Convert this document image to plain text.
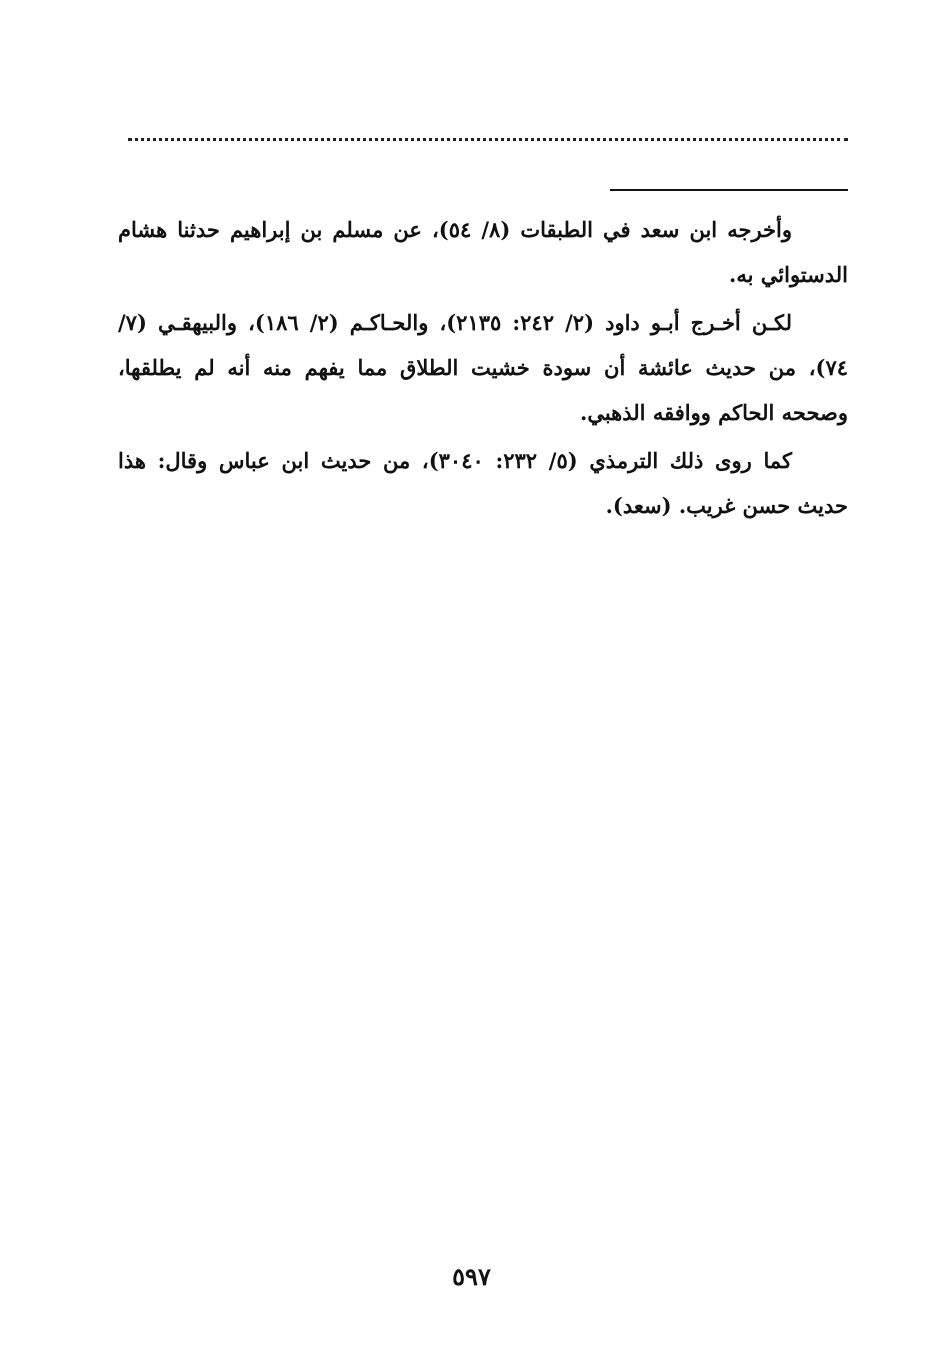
وأخرجه ابن سعد في الطبقات (٨/ ٥٤)، عن مسلم بن إبراهيم حدثنا هشام الدستوائي به.

لكـن أخـرج أبـو داود (٢/ ٢٤٢: ٢١٣٥)، والحـاكـم (٢/ ١٨٦)، والبيهقـي (٧/ ٧٤)، من حديث عائشة أن سودة خشيت الطلاق مما يفهم منه أنه لم يطلقها، وصححه الحاكم ووافقه الذهبي.

كما روى ذلك الترمذي (٥/ ٢٣٢: ٣٠٤٠)، من حديث ابن عباس وقال: هذا حديث حسن غريب. (سعد).

٥٩٧
